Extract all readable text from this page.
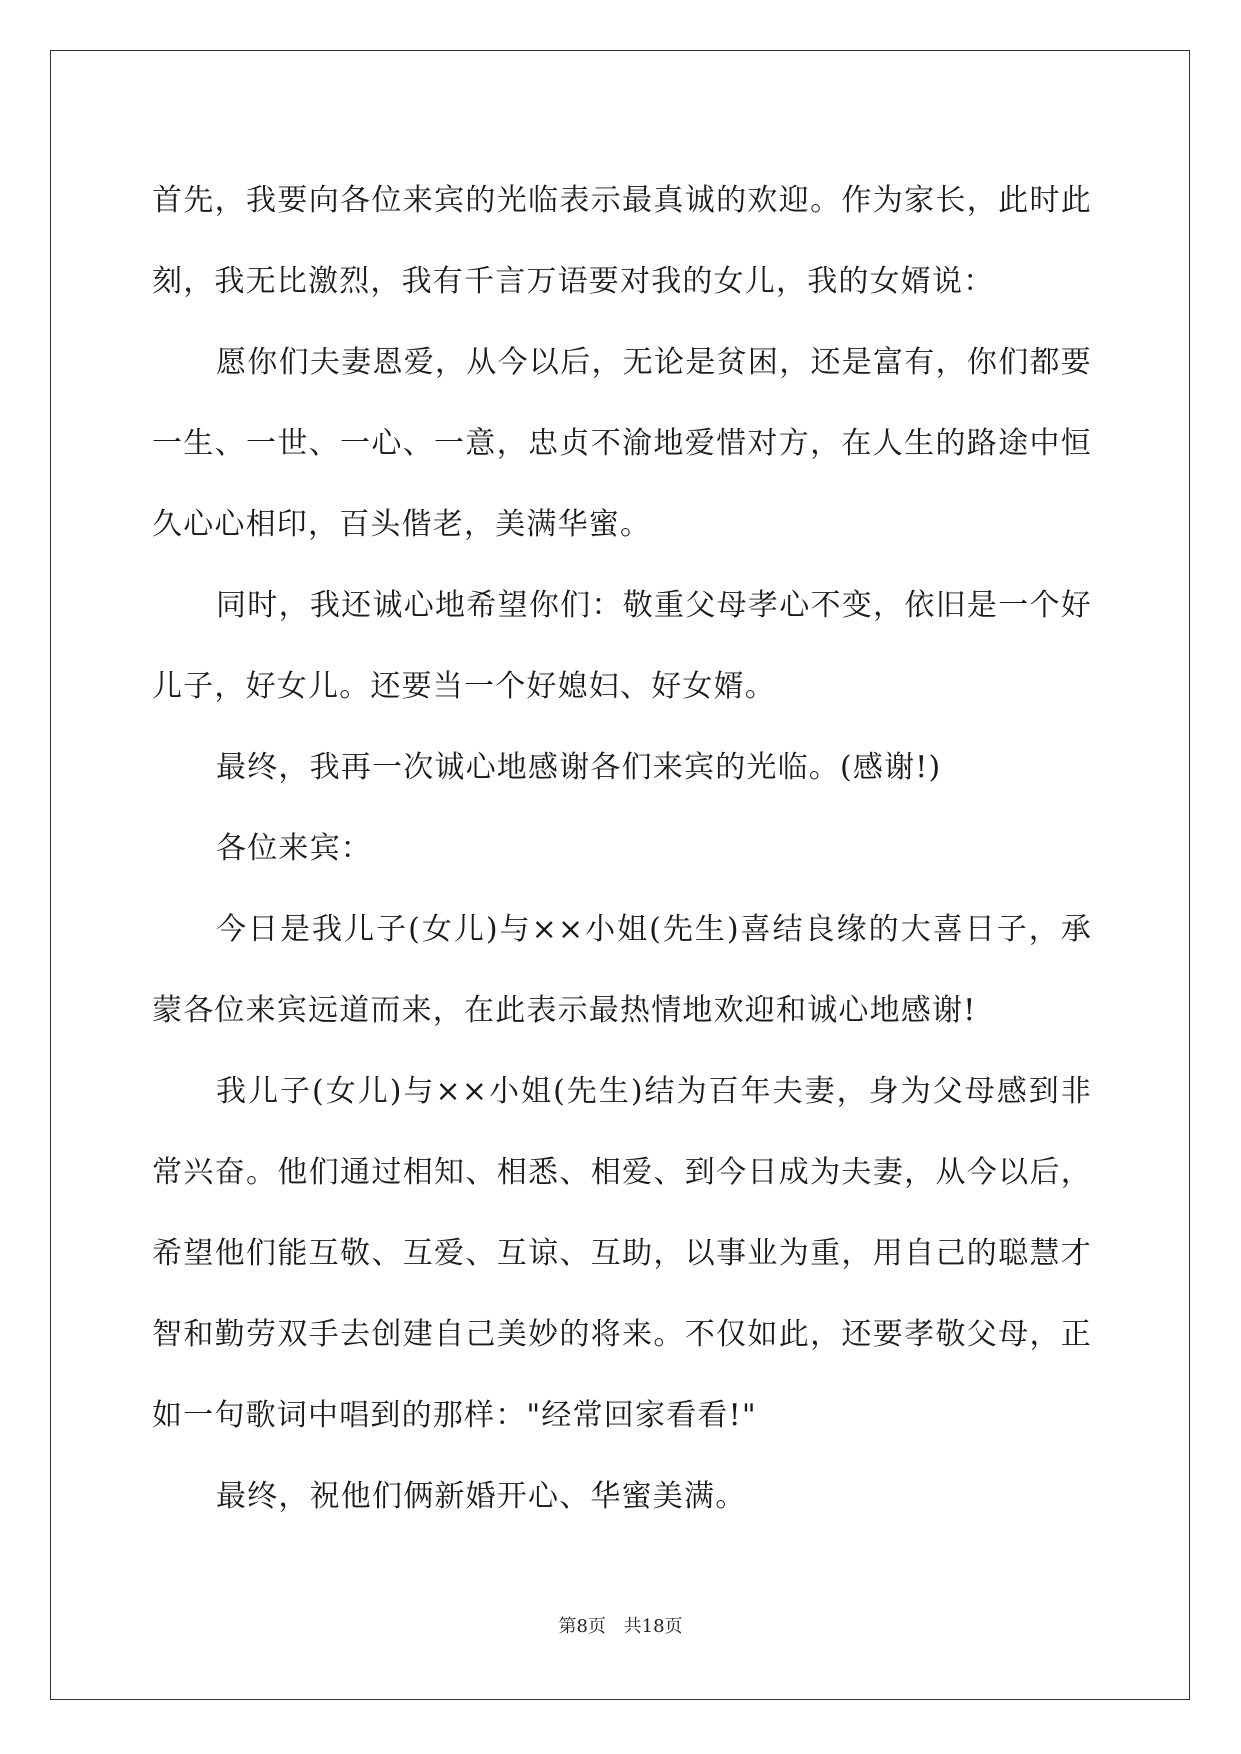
首先，我要向各位来宾的光临表示最真诚的欢迎。作为家长，此时此刻，我无比激烈，我有千言万语要对我的女儿，我的女婿说：

愿你们夫妻恩爱，从今以后，无论是贫困，还是富有，你们都要一生、一世、一心、一意，忠贞不渝地爱惜对方，在人生的路途中恒久心心相印，百头偕老，美满华蜜。

同时，我还诚心地希望你们：敬重父母孝心不变，依旧是一个好儿子，好女儿。还要当一个好媳妇、好女婿。

最终，我再一次诚心地感谢各们来宾的光临。(感谢!)

各位来宾：

今日是我儿子(女儿)与××小姐(先生)喜结良缘的大喜日子，承蒙各位来宾远道而来，在此表示最热情地欢迎和诚心地感谢!

我儿子(女儿)与××小姐(先生)结为百年夫妻，身为父母感到非常兴奋。他们通过相知、相悉、相爱、到今日成为夫妻，从今以后，希望他们能互敬、互爱、互谅、互助，以事业为重，用自己的聪慧才智和勤劳双手去创建自己美妙的将来。不仅如此，还要孝敬父母，正如一句歌词中唱到的那样："经常回家看看!"

最终，祝他们俩新婚开心、华蜜美满。

第8页 共18页
